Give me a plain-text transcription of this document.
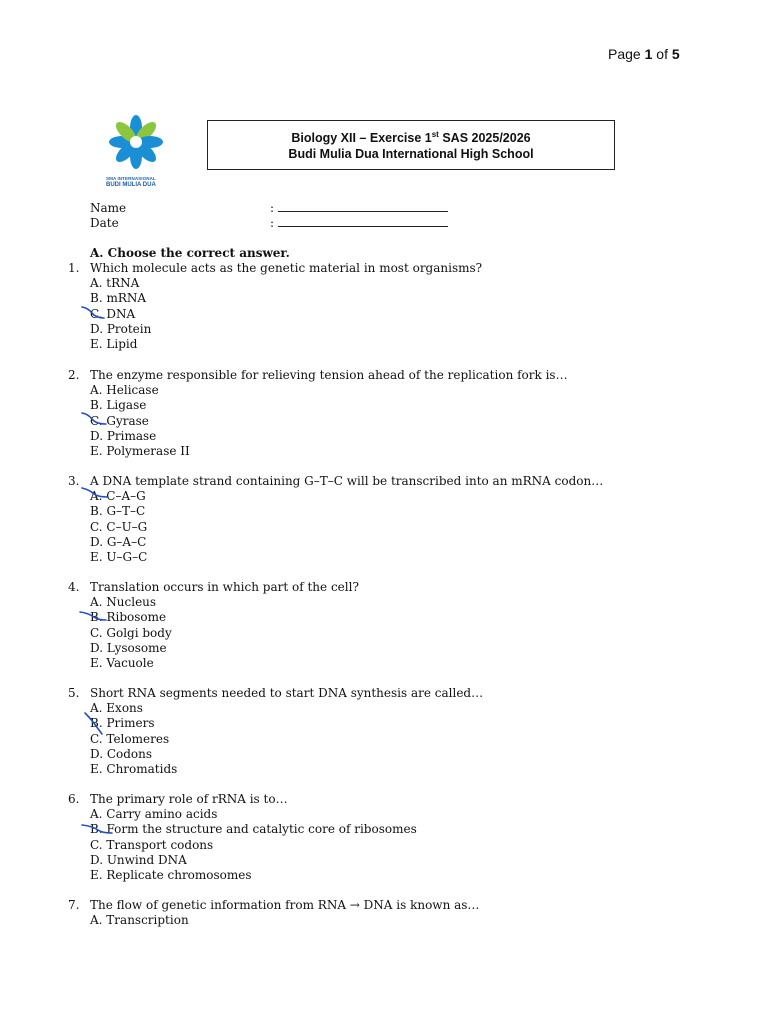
Page 1 of 5
SMA INTERNASIONAL
BUDI MULIA DUA
Biology XII – Exercise 1st SAS 2025/2026
Budi Mulia Dua International High School
Name	:
Date	:
A. Choose the correct answer.
1. Which molecule acts as the genetic material in most organisms?
A. tRNA
B. mRNA
C. DNA
D. Protein
E. Lipid
2. The enzyme responsible for relieving tension ahead of the replication fork is…
A. Helicase
B. Ligase
C. Gyrase
D. Primase
E. Polymerase II
3. A DNA template strand containing G–T–C will be transcribed into an mRNA codon…
A. C–A–G
B. G–T–C
C. C–U–G
D. G–A–C
E. U–G–C
4. Translation occurs in which part of the cell?
A. Nucleus
B. Ribosome
C. Golgi body
D. Lysosome
E. Vacuole
5. Short RNA segments needed to start DNA synthesis are called…
A. Exons
B. Primers
C. Telomeres
D. Codons
E. Chromatids
6. The primary role of rRNA is to…
A. Carry amino acids
B. Form the structure and catalytic core of ribosomes
C. Transport codons
D. Unwind DNA
E. Replicate chromosomes
7. The flow of genetic information from RNA → DNA is known as…
A. Transcription
